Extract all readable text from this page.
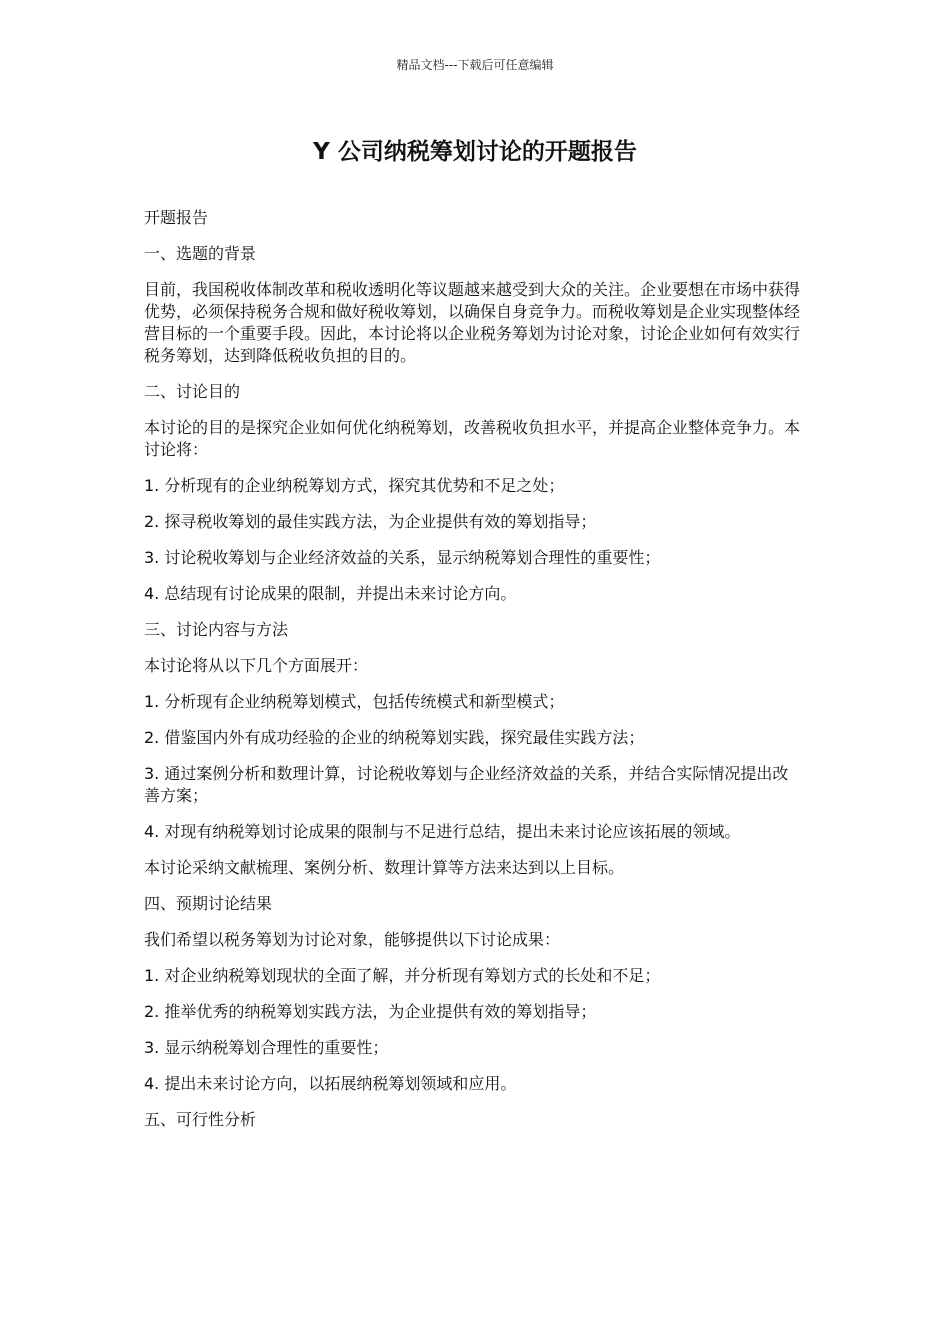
精品文档---下载后可任意编辑
Y 公司纳税筹划讨论的开题报告

开题报告

一、选题的背景

目前，我国税收体制改革和税收透明化等议题越来越受到大众的关注。企业要想在市场中获得优势，必须保持税务合规和做好税收筹划，以确保自身竞争力。而税收筹划是企业实现整体经营目标的一个重要手段。因此，本讨论将以企业税务筹划为讨论对象，讨论企业如何有效实行税务筹划，达到降低税收负担的目的。

二、讨论目的

本讨论的目的是探究企业如何优化纳税筹划，改善税收负担水平，并提高企业整体竞争力。本讨论将：

1. 分析现有的企业纳税筹划方式，探究其优势和不足之处；

2. 探寻税收筹划的最佳实践方法，为企业提供有效的筹划指导；

3. 讨论税收筹划与企业经济效益的关系，显示纳税筹划合理性的重要性；

4. 总结现有讨论成果的限制，并提出未来讨论方向。

三、讨论内容与方法

本讨论将从以下几个方面展开：

1. 分析现有企业纳税筹划模式，包括传统模式和新型模式；

2. 借鉴国内外有成功经验的企业的纳税筹划实践，探究最佳实践方法；

3. 通过案例分析和数理计算，讨论税收筹划与企业经济效益的关系，并结合实际情况提出改善方案；

4. 对现有纳税筹划讨论成果的限制与不足进行总结，提出未来讨论应该拓展的领域。

本讨论采纳文献梳理、案例分析、数理计算等方法来达到以上目标。

四、预期讨论结果

我们希望以税务筹划为讨论对象，能够提供以下讨论成果：

1. 对企业纳税筹划现状的全面了解，并分析现有筹划方式的长处和不足；

2. 推举优秀的纳税筹划实践方法，为企业提供有效的筹划指导；

3. 显示纳税筹划合理性的重要性；

4. 提出未来讨论方向，以拓展纳税筹划领域和应用。

五、可行性分析
